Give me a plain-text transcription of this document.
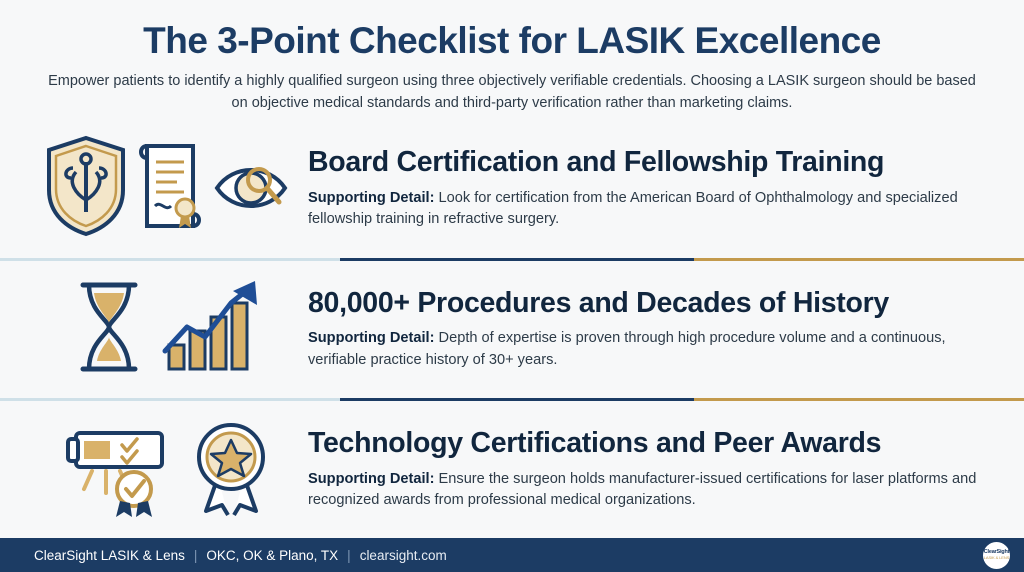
The 3-Point Checklist for LASIK Excellence

Empower patients to identify a highly qualified surgeon using three objectively verifiable credentials. Choosing a LASIK surgeon should be based on objective medical standards and third-party verification rather than marketing claims.

Board Certification and Fellowship Training

Supporting Detail: Look for certification from the American Board of Ophthalmology and specialized fellowship training in refractive surgery.

80,000+ Procedures and Decades of History

Supporting Detail: Depth of expertise is proven through high procedure volume and a continuous, verifiable practice history of 30+ years.

Technology Certifications and Peer Awards

Supporting Detail: Ensure the surgeon holds manufacturer-issued certifications for laser platforms and recognized awards from professional medical organizations.

ClearSight LASIK & Lens | OKC, OK & Plano, TX | clearsight.com	ClearSight
LASIK & LENS
